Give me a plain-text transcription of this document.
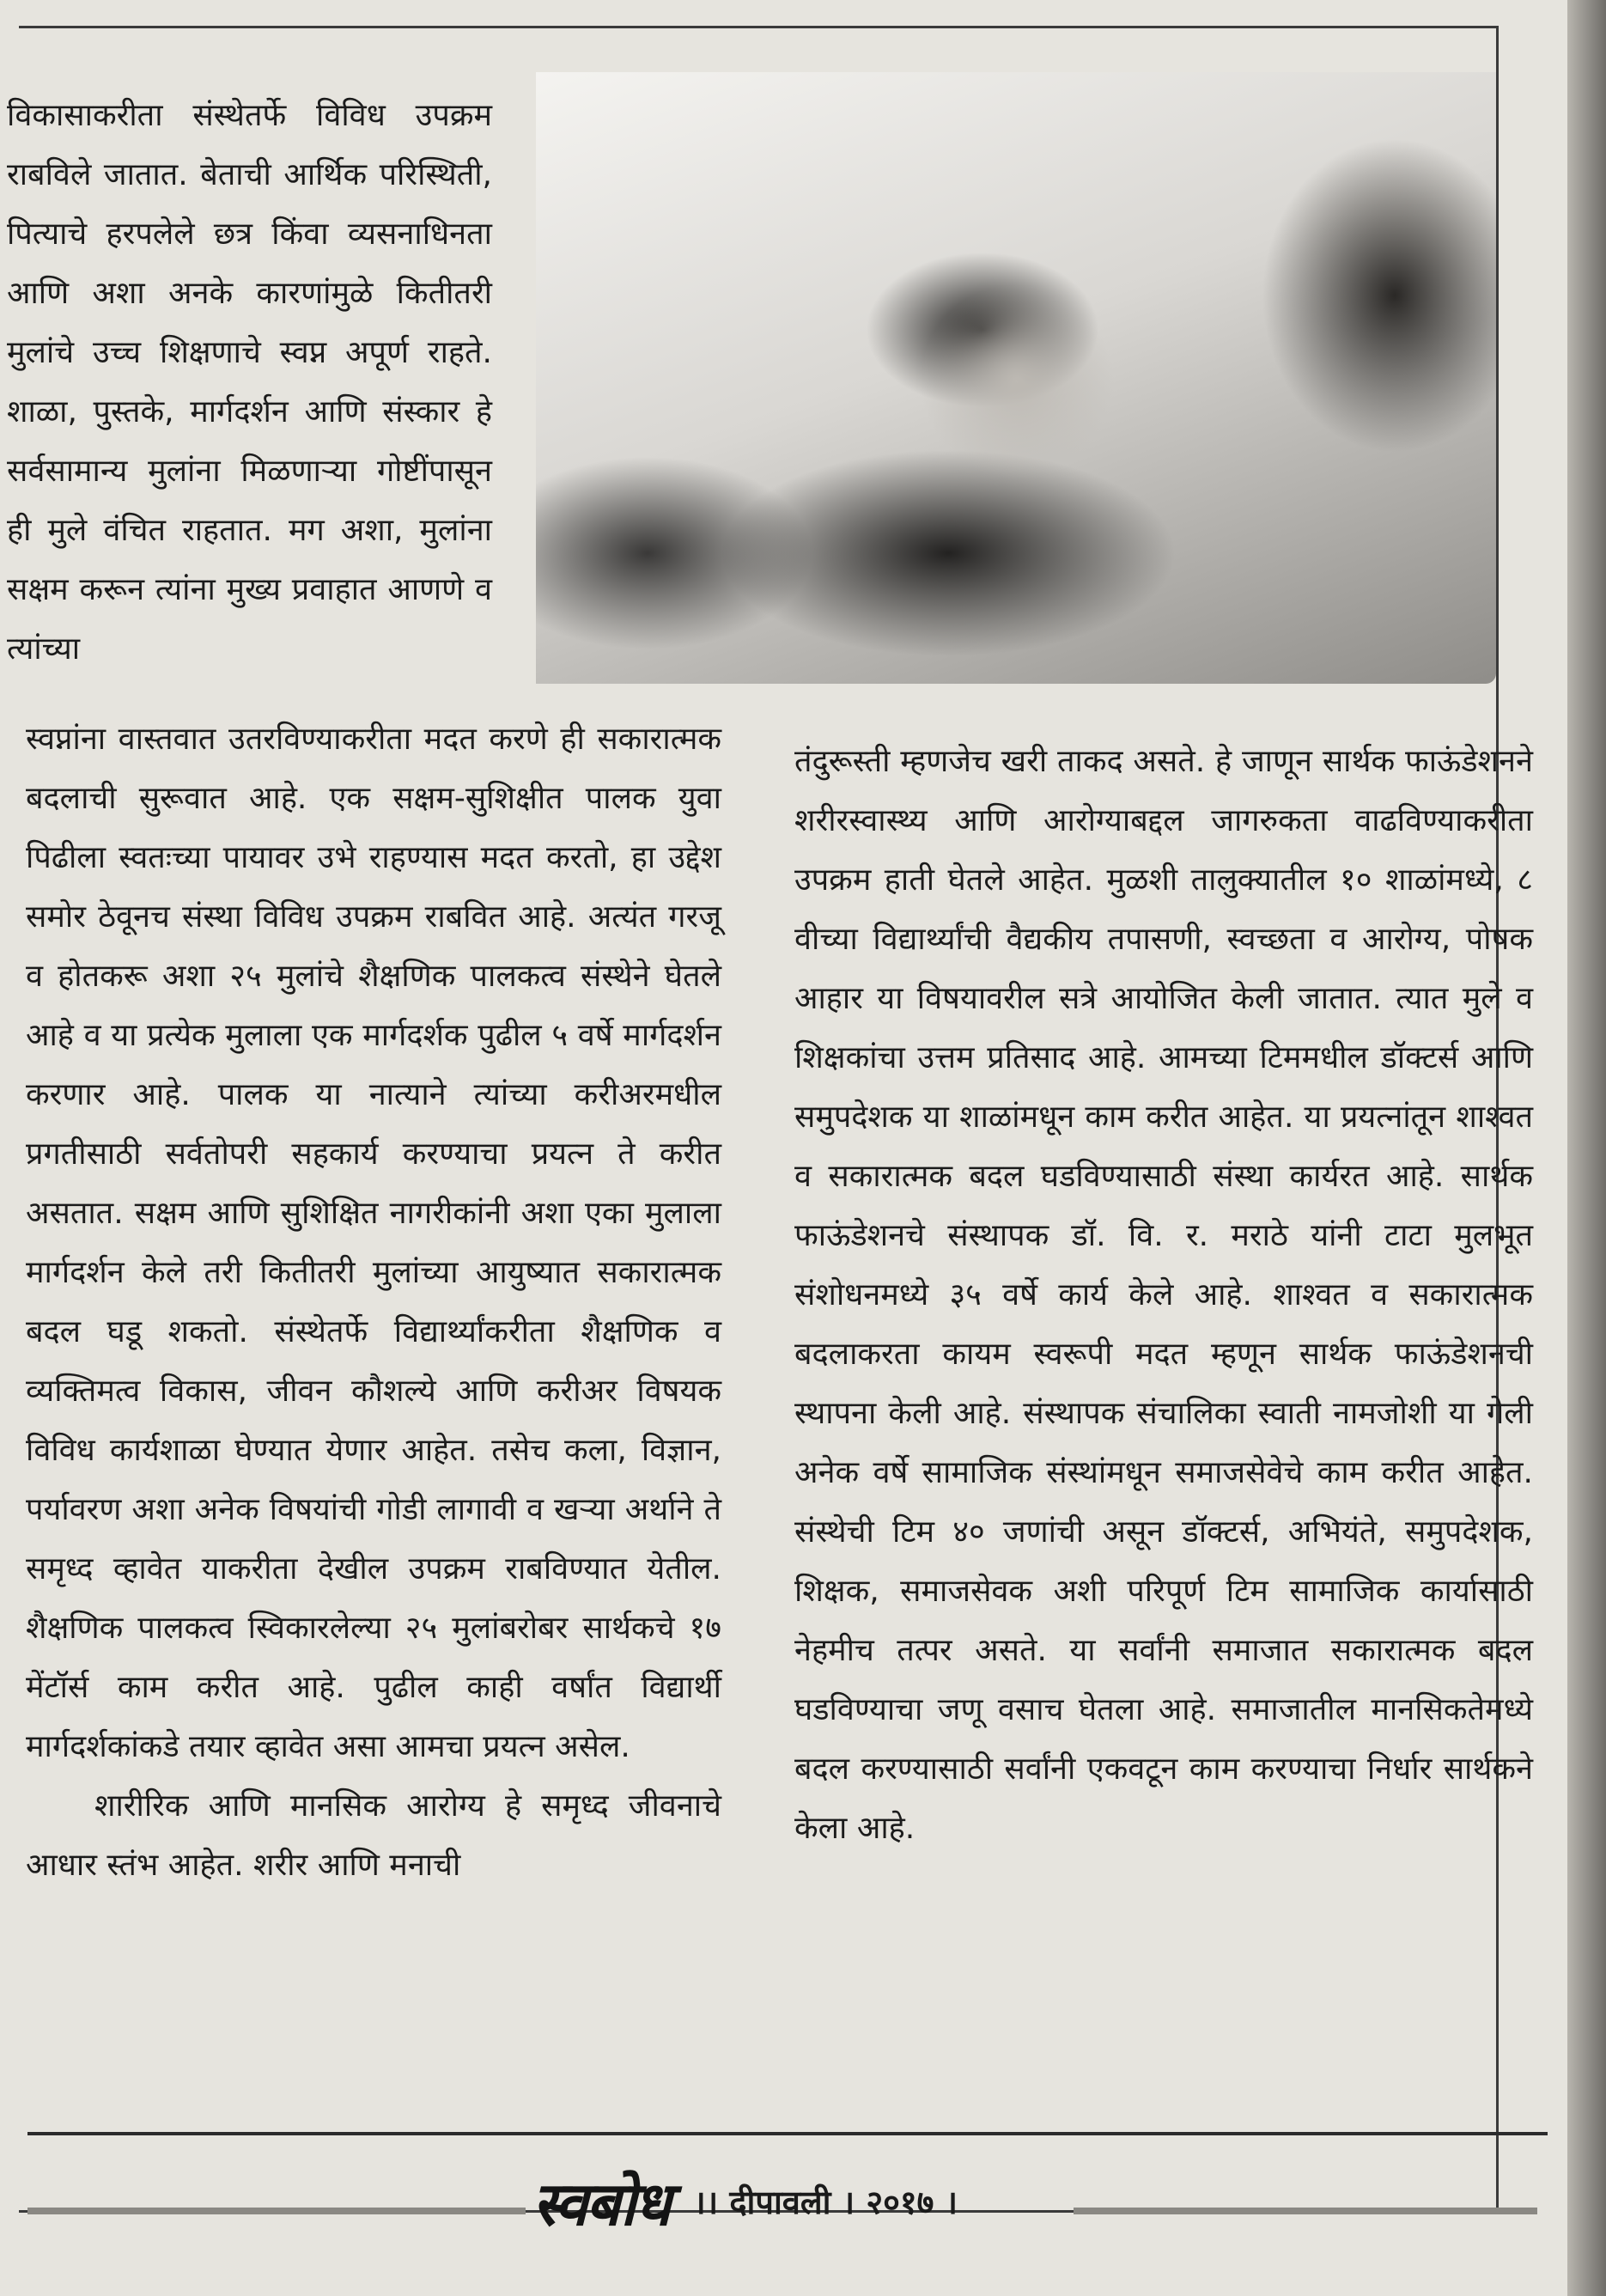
विकासाकरीता संस्थेतर्फे विविध उपक्रम राबविले जातात. बेताची आर्थिक परिस्थिती, पित्याचे हरपलेले छत्र किंवा व्यसनाधिनता आणि अशा अनके कारणांमुळे कितीतरी मुलांचे उच्च शिक्षणाचे स्वप्न अपूर्ण राहते. शाळा, पुस्तके, मार्गदर्शन आणि संस्कार हे सर्वसामान्य मुलांना मिळणाऱ्या गोष्टींपासून ही मुले वंचित राहतात. मग अशा, मुलांना सक्षम करून त्यांना मुख्य प्रवाहात आणणे व त्यांच्या

स्वप्नांना वास्तवात उतरविण्याकरीता मदत करणे ही सकारात्मक बदलाची सुरूवात आहे. एक सक्षम-सुशिक्षीत पालक युवा पिढीला स्वतःच्या पायावर उभे राहण्यास मदत करतो, हा उद्देश समोर ठेवूनच संस्था विविध उपक्रम राबवित आहे. अत्यंत गरजू व होतकरू अशा २५ मुलांचे शैक्षणिक पालकत्व संस्थेने घेतले आहे व या प्रत्येक मुलाला एक मार्गदर्शक पुढील ५ वर्षे मार्गदर्शन करणार आहे. पालक या नात्याने त्यांच्या करीअरमधील प्रगतीसाठी सर्वतोपरी सहकार्य करण्याचा प्रयत्न ते करीत असतात. सक्षम आणि सुशिक्षित नागरीकांनी अशा एका मुलाला मार्गदर्शन केले तरी कितीतरी मुलांच्या आयुष्यात सकारात्मक बदल घडू शकतो. संस्थेतर्फे विद्यार्थ्यांकरीता शैक्षणिक व व्यक्तिमत्व विकास, जीवन कौशल्ये आणि करीअर विषयक विविध कार्यशाळा घेण्यात येणार आहेत. तसेच कला, विज्ञान, पर्यावरण अशा अनेक विषयांची गोडी लागावी व खऱ्या अर्थाने ते समृध्द व्हावेत याकरीता देखील उपक्रम राबविण्यात येतील. शैक्षणिक पालकत्व स्विकारलेल्या २५ मुलांबरोबर सार्थकचे १७ मेंटॉर्स काम करीत आहे. पुढील काही वर्षांत विद्यार्थी मार्गदर्शकांकडे तयार व्हावेत असा आमचा प्रयत्न असेल.

शारीरिक आणि मानसिक आरोग्य हे समृध्द जीवनाचे आधार स्तंभ आहेत. शरीर आणि मनाची

तंदुरूस्ती म्हणजेच खरी ताकद असते. हे जाणून सार्थक फाऊंडेशनने शरीरस्वास्थ्य आणि आरोग्याबद्दल जागरुकता वाढविण्याकरीता उपक्रम हाती घेतले आहेत. मुळशी तालुक्यातील १० शाळांमध्ये, ८ वीच्या विद्यार्थ्यांची वैद्यकीय तपासणी, स्वच्छता व आरोग्य, पोषक आहार या विषयावरील सत्रे आयोजित केली जातात. त्यात मुले व शिक्षकांचा उत्तम प्रतिसाद आहे. आमच्या टिममधील डॉक्टर्स आणि समुपदेशक या शाळांमधून काम करीत आहेत. या प्रयत्नांतून शाश्वत व सकारात्मक बदल घडविण्यासाठी संस्था कार्यरत आहे. सार्थक फाऊंडेशनचे संस्थापक डॉ. वि. र. मराठे यांनी टाटा मुलभूत संशोधनमध्ये ३५ वर्षे कार्य केले आहे. शाश्वत व सकारात्मक बदलाकरता कायम स्वरूपी मदत म्हणून सार्थक फाऊंडेशनची स्थापना केली आहे. संस्थापक संचालिका स्वाती नामजोशी या गेली अनेक वर्षे सामाजिक संस्थांमधून समाजसेवेचे काम करीत आहेत. संस्थेची टिम ४० जणांची असून डॉक्टर्स, अभियंते, समुपदेशक, शिक्षक, समाजसेवक अशी परिपूर्ण टिम सामाजिक कार्यासाठी नेहमीच तत्पर असते. या सर्वांनी समाजात सकारात्मक बदल घडविण्याचा जणू वसाच घेतला आहे. समाजातील मानसिकतेमध्ये बदल करण्यासाठी सर्वांनी एकवटून काम करण्याचा निर्धार सार्थकने केला आहे.

स्वबोध ।। दीपावली । २०१७ ।
